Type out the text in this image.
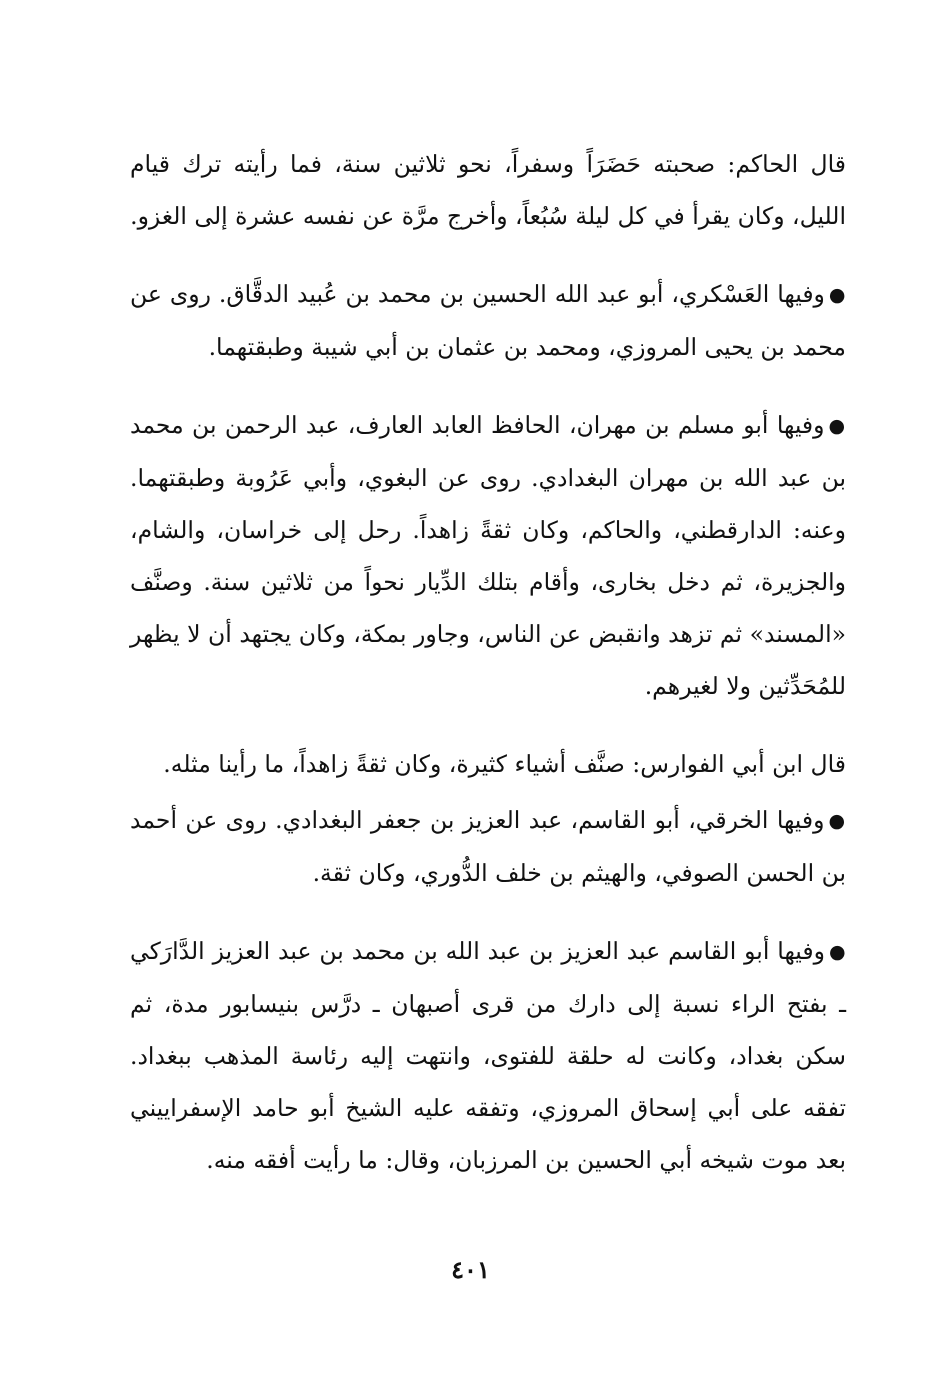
قال الحاكم: صحبته حَضَرَاً وسفراً، نحو ثلاثين سنة، فما رأيته ترك قيام الليل، وكان يقرأ في كل ليلة سُبُعاً، وأخرج مرَّة عن نفسه عشرة إلى الغزو.

●وفيها العَسْكري، أبو عبد الله الحسين بن محمد بن عُبيد الدقَّاق. روى عن محمد بن يحيى المروزي، ومحمد بن عثمان بن أبي شيبة وطبقتهما.

●وفيها أبو مسلم بن مهران، الحافظ العابد العارف، عبد الرحمن بن محمد بن عبد الله بن مهران البغدادي. روى عن البغوي، وأبي عَرُوبة وطبقتهما. وعنه: الدارقطني، والحاكم، وكان ثقةً زاهداً. رحل إلى خراسان، والشام، والجزيرة، ثم دخل بخارى، وأقام بتلك الدِّيار نحواً من ثلاثين سنة. وصنَّف «المسند» ثم تزهد وانقبض عن الناس، وجاور بمكة، وكان يجتهد أن لا يظهر للمُحَدِّثين ولا لغيرهم.

قال ابن أبي الفوارس: صنَّف أشياء كثيرة، وكان ثقةً زاهداً، ما رأينا مثله.

●وفيها الخرقي، أبو القاسم، عبد العزيز بن جعفر البغدادي. روى عن أحمد بن الحسن الصوفي، والهيثم بن خلف الدُّوري، وكان ثقة.

●وفيها أبو القاسم عبد العزيز بن عبد الله بن محمد بن عبد العزيز الدَّارَكي ـ بفتح الراء نسبة إلى دارك من قرى أصبهان ـ درَّس بنيسابور مدة، ثم سكن بغداد، وكانت له حلقة للفتوى، وانتهت إليه رئاسة المذهب ببغداد. تفقه على أبي إسحاق المروزي، وتفقه عليه الشيخ أبو حامد الإسفراييني بعد موت شيخه أبي الحسين بن المرزبان، وقال: ما رأيت أفقه منه.

٤٠١
